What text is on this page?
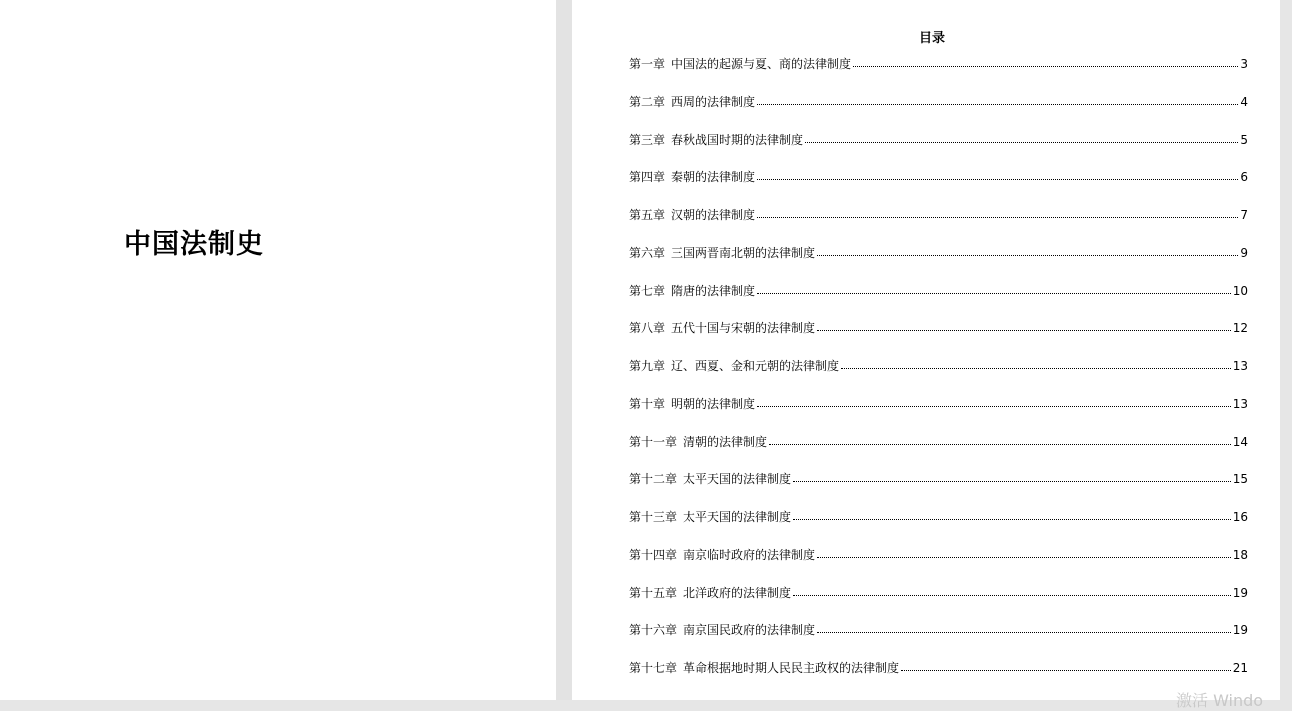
中国法制史
目录
第一章 中国法的起源与夏、商的法律制度	3
第二章 西周的法律制度	4
第三章 春秋战国时期的法律制度	5
第四章 秦朝的法律制度	6
第五章 汉朝的法律制度	7
第六章 三国两晋南北朝的法律制度	9
第七章 隋唐的法律制度	10
第八章 五代十国与宋朝的法律制度	12
第九章 辽、西夏、金和元朝的法律制度	13
第十章 明朝的法律制度	13
第十一章 清朝的法律制度	14
第十二章 太平天国的法律制度	15
第十三章 太平天国的法律制度	16
第十四章 南京临时政府的法律制度	18
第十五章 北洋政府的法律制度	19
第十六章 南京国民政府的法律制度	19
第十七章 革命根据地时期人民民主政权的法律制度	21
激活 Windo
